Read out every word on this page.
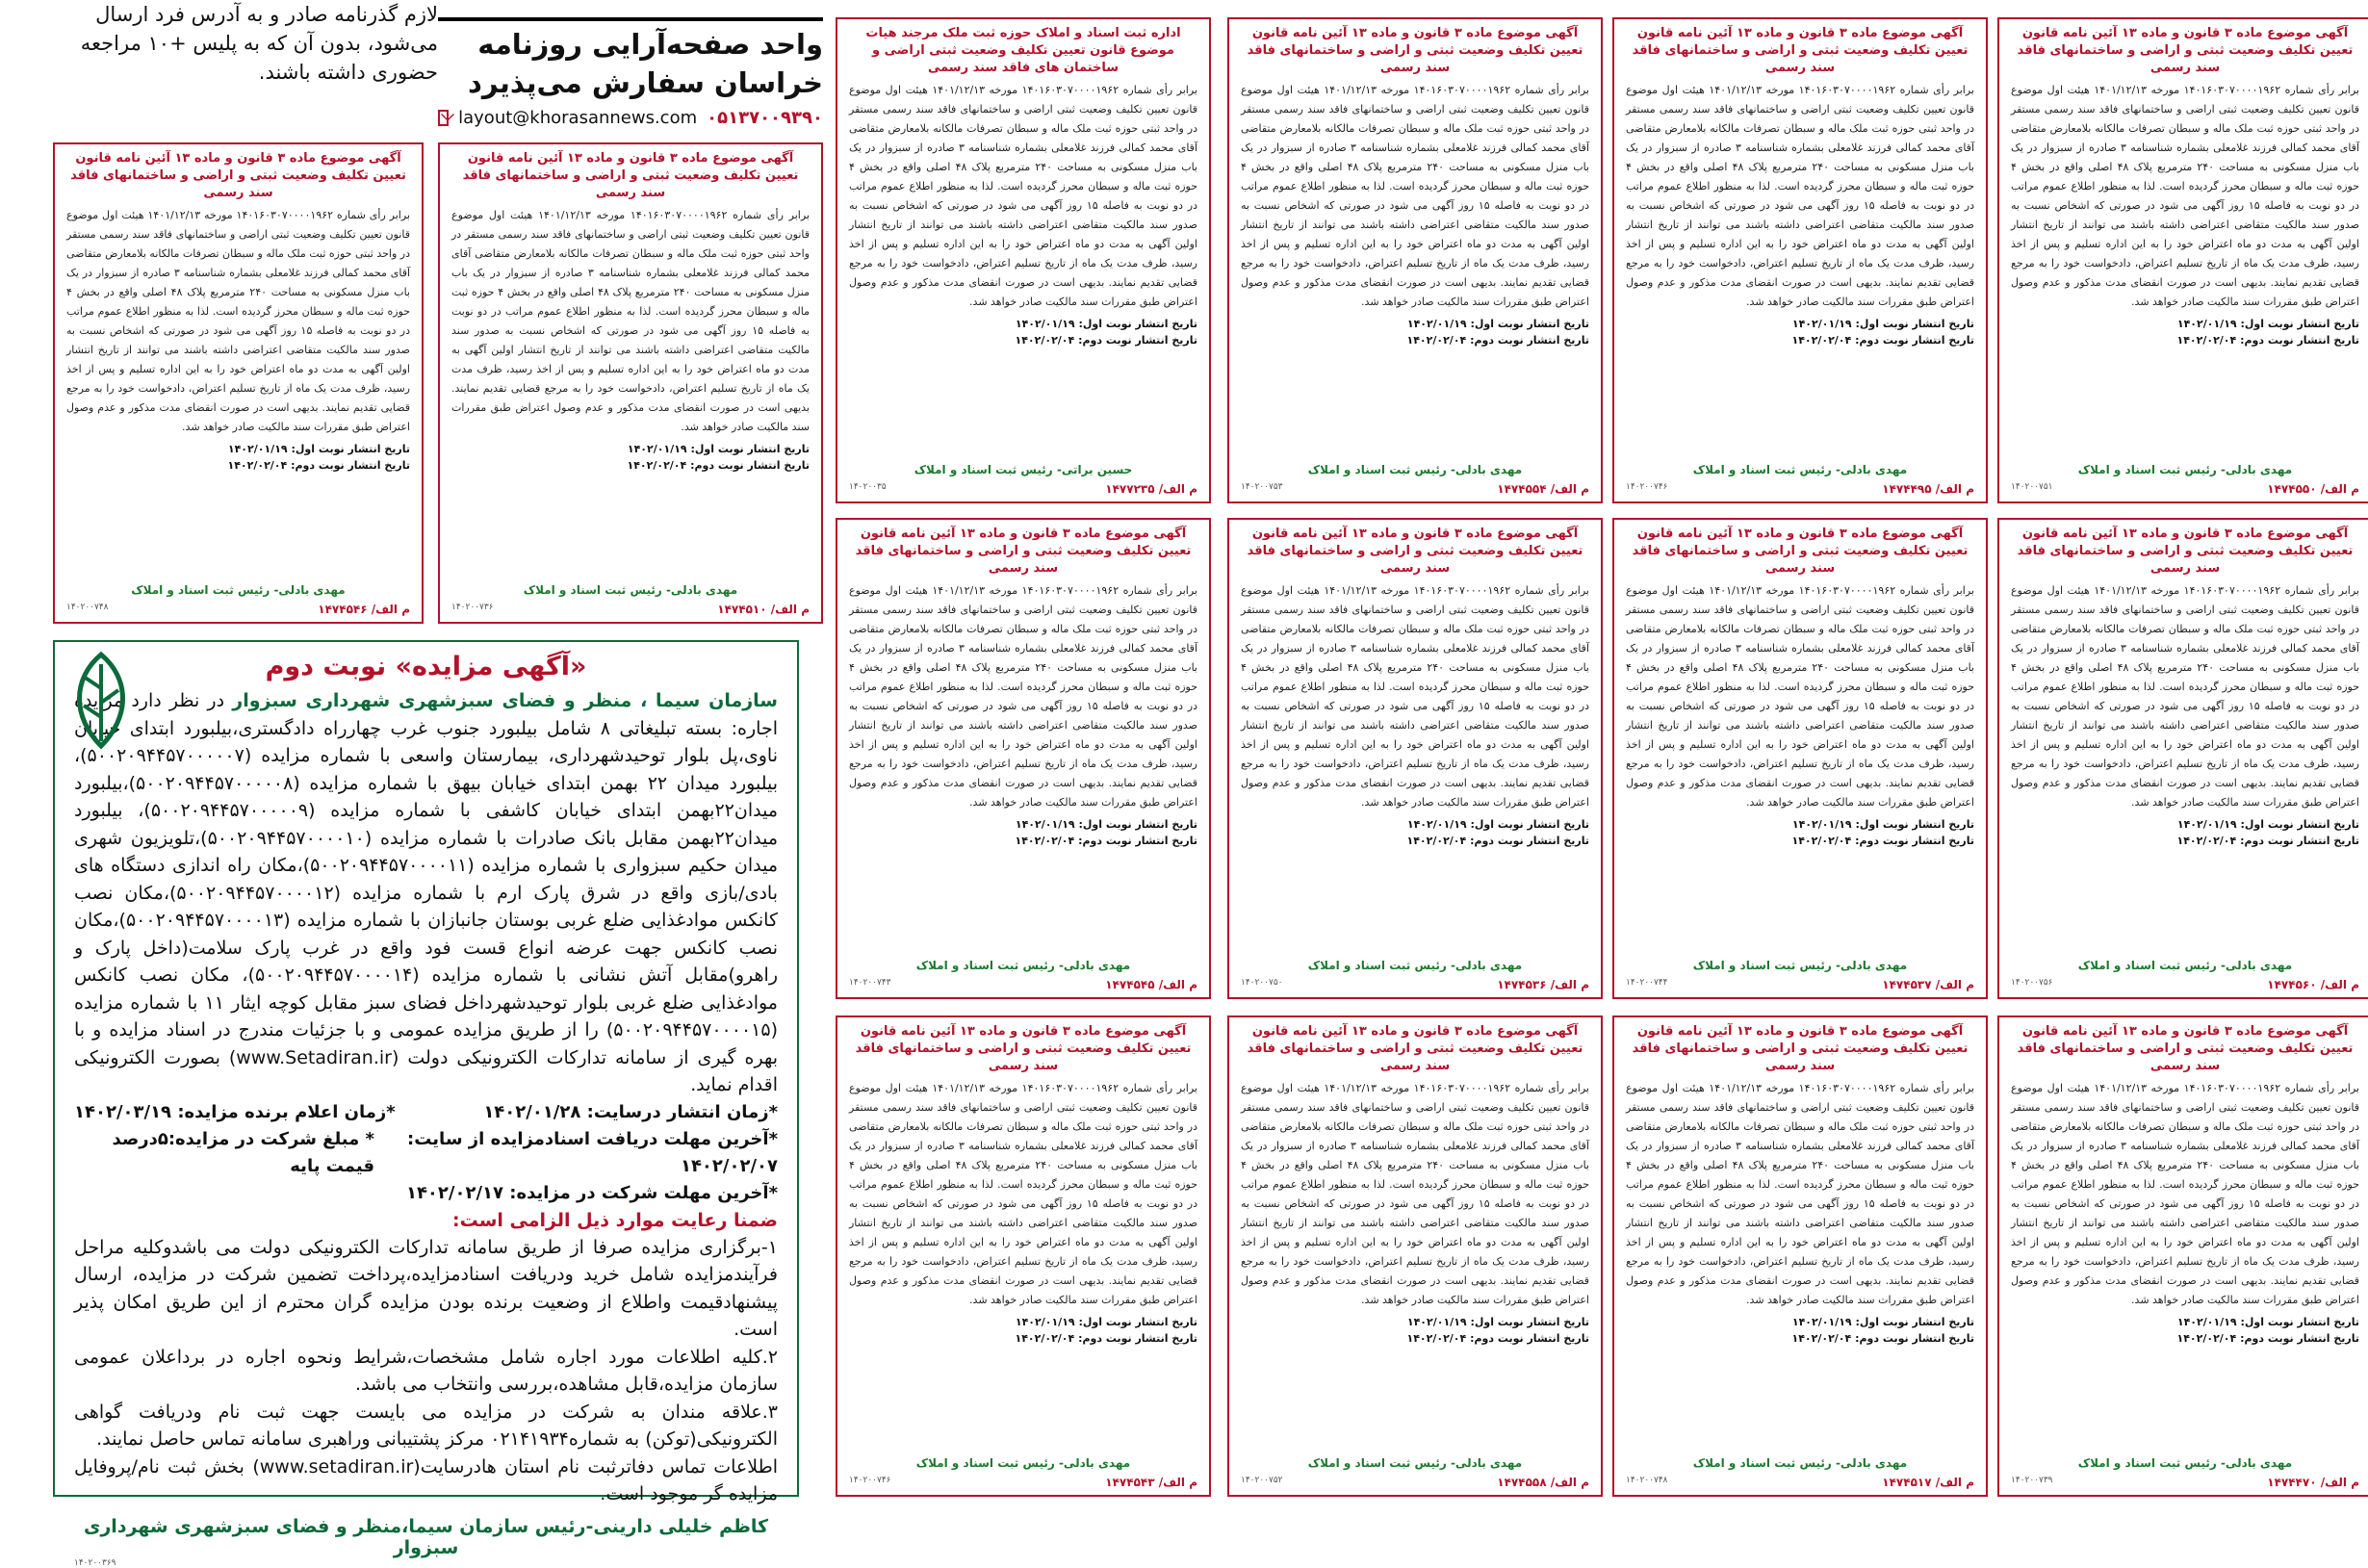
لازم گذرنامه صادر و به آدرس فرد ارسال می‌شود، بدون آن که به پلیس +۱۰ مراجعه حضوری داشته باشند.
واحد صفحه‌آرایی روزنامه خراسان سفارش می‌پذیرد
layout@khorasannews.com ۰۵۱۳۷۰۰۹۳۹۰
آگهی موضوع ماده ۳ قانون و ماده ۱۳ آئین نامه قانون تعیین تکلیف وضعیت ثبتی و اراضی و ساختمانهای فاقد سند رسمی
برابر رأی شماره ۱۴۰۱۶۰۳۰۷۰۰۰۰۱۹۶۲ مورخه ۱۴۰۱/۱۲/۱۳ هیئت اول موضوع قانون تعیین تکلیف وضعیت ثبتی اراضی و ساختمانهای فاقد سند رسمی مستقر در واحد ثبتی حوزه ثبت ملک ماله و سبطان تصرفات مالکانه بلامعارض متقاضی آقای محمد کمالی فرزند غلامعلی بشماره شناسنامه ۳ صادره از سبزوار در یک باب منزل مسکونی به مساحت ۲۴۰ مترمربع پلاک ۴۸ اصلی واقع در بخش ۴ حوزه ثبت ماله و سبطان محرز گردیده است. لذا به منظور اطلاع عموم مراتب در دو نوبت به فاصله ۱۵ روز آگهی می شود در صورتی که اشخاص نسبت به صدور سند مالکیت متقاضی اعتراضی داشته باشند می توانند از تاریخ انتشار اولین آگهی به مدت دو ماه اعتراض خود را به این اداره تسلیم و پس از اخذ رسید، ظرف مدت یک ماه از تاریخ تسلیم اعتراض، دادخواست خود را به مرجع قضایی تقدیم نمایند. بدیهی است در صورت انقضای مدت مذکور و عدم وصول اعتراض طبق مقررات سند مالکیت صادر خواهد شد.
تاریخ انتشار نوبت اول: ۱۴۰۲/۰۱/۱۹
تاریخ انتشار نوبت دوم: ۱۴۰۲/۰۲/۰۴
مهدی بادلی- رئیس ثبت اسناد و املاک
م الف/ ۱۴۷۴۵۵۰
۱۴۰۲۰۰۷۵۱
آگهی موضوع ماده ۳ قانون و ماده ۱۳ آئین نامه قانون تعیین تکلیف وضعیت ثبتی و اراضی و ساختمانهای فاقد سند رسمی
برابر رأی شماره ۱۴۰۱۶۰۳۰۷۰۰۰۰۱۹۶۲ مورخه ۱۴۰۱/۱۲/۱۳ هیئت اول موضوع قانون تعیین تکلیف وضعیت ثبتی اراضی و ساختمانهای فاقد سند رسمی مستقر در واحد ثبتی حوزه ثبت ملک ماله و سبطان تصرفات مالکانه بلامعارض متقاضی آقای محمد کمالی فرزند غلامعلی بشماره شناسنامه ۳ صادره از سبزوار در یک باب منزل مسکونی به مساحت ۲۴۰ مترمربع پلاک ۴۸ اصلی واقع در بخش ۴ حوزه ثبت ماله و سبطان محرز گردیده است. لذا به منظور اطلاع عموم مراتب در دو نوبت به فاصله ۱۵ روز آگهی می شود در صورتی که اشخاص نسبت به صدور سند مالکیت متقاضی اعتراضی داشته باشند می توانند از تاریخ انتشار اولین آگهی به مدت دو ماه اعتراض خود را به این اداره تسلیم و پس از اخذ رسید، ظرف مدت یک ماه از تاریخ تسلیم اعتراض، دادخواست خود را به مرجع قضایی تقدیم نمایند. بدیهی است در صورت انقضای مدت مذکور و عدم وصول اعتراض طبق مقررات سند مالکیت صادر خواهد شد.
تاریخ انتشار نوبت اول: ۱۴۰۲/۰۱/۱۹
تاریخ انتشار نوبت دوم: ۱۴۰۲/۰۲/۰۴
مهدی بادلی- رئیس ثبت اسناد و املاک
م الف/ ۱۴۷۴۴۹۵
۱۴۰۲۰۰۷۴۶
آگهی موضوع ماده ۳ قانون و ماده ۱۳ آئین نامه قانون تعیین تکلیف وضعیت ثبتی و اراضی و ساختمانهای فاقد سند رسمی
برابر رأی شماره ۱۴۰۱۶۰۳۰۷۰۰۰۰۱۹۶۲ مورخه ۱۴۰۱/۱۲/۱۳ هیئت اول موضوع قانون تعیین تکلیف وضعیت ثبتی اراضی و ساختمانهای فاقد سند رسمی مستقر در واحد ثبتی حوزه ثبت ملک ماله و سبطان تصرفات مالکانه بلامعارض متقاضی آقای محمد کمالی فرزند غلامعلی بشماره شناسنامه ۳ صادره از سبزوار در یک باب منزل مسکونی به مساحت ۲۴۰ مترمربع پلاک ۴۸ اصلی واقع در بخش ۴ حوزه ثبت ماله و سبطان محرز گردیده است. لذا به منظور اطلاع عموم مراتب در دو نوبت به فاصله ۱۵ روز آگهی می شود در صورتی که اشخاص نسبت به صدور سند مالکیت متقاضی اعتراضی داشته باشند می توانند از تاریخ انتشار اولین آگهی به مدت دو ماه اعتراض خود را به این اداره تسلیم و پس از اخذ رسید، ظرف مدت یک ماه از تاریخ تسلیم اعتراض، دادخواست خود را به مرجع قضایی تقدیم نمایند. بدیهی است در صورت انقضای مدت مذکور و عدم وصول اعتراض طبق مقررات سند مالکیت صادر خواهد شد.
تاریخ انتشار نوبت اول: ۱۴۰۲/۰۱/۱۹
تاریخ انتشار نوبت دوم: ۱۴۰۲/۰۲/۰۴
مهدی بادلی- رئیس ثبت اسناد و املاک
م الف/ ۱۴۷۴۵۵۴
۱۴۰۲۰۰۷۵۳
اداره ثبت اسناد و املاک حوزه ثبت ملک مرجند هیات موضوع قانون تعیین تکلیف وضعیت ثبتی اراضی و ساختمان های فاقد سند رسمی
برابر رأی شماره ۱۴۰۱۶۰۳۰۷۰۰۰۰۱۹۶۲ مورخه ۱۴۰۱/۱۲/۱۳ هیئت اول موضوع قانون تعیین تکلیف وضعیت ثبتی اراضی و ساختمانهای فاقد سند رسمی مستقر در واحد ثبتی حوزه ثبت ملک ماله و سبطان تصرفات مالکانه بلامعارض متقاضی آقای محمد کمالی فرزند غلامعلی بشماره شناسنامه ۳ صادره از سبزوار در یک باب منزل مسکونی به مساحت ۲۴۰ مترمربع پلاک ۴۸ اصلی واقع در بخش ۴ حوزه ثبت ماله و سبطان محرز گردیده است. لذا به منظور اطلاع عموم مراتب در دو نوبت به فاصله ۱۵ روز آگهی می شود در صورتی که اشخاص نسبت به صدور سند مالکیت متقاضی اعتراضی داشته باشند می توانند از تاریخ انتشار اولین آگهی به مدت دو ماه اعتراض خود را به این اداره تسلیم و پس از اخذ رسید، ظرف مدت یک ماه از تاریخ تسلیم اعتراض، دادخواست خود را به مرجع قضایی تقدیم نمایند. بدیهی است در صورت انقضای مدت مذکور و عدم وصول اعتراض طبق مقررات سند مالکیت صادر خواهد شد.
تاریخ انتشار نوبت اول: ۱۴۰۲/۰۱/۱۹
تاریخ انتشار نوبت دوم: ۱۴۰۲/۰۲/۰۴
حسین براتی- رئیس ثبت اسناد و املاک
م الف/ ۱۴۷۷۲۳۵
۱۴۰۲۰۰۳۵
آگهی موضوع ماده ۳ قانون و ماده ۱۳ آئین نامه قانون تعیین تکلیف وضعیت ثبتی و اراضی و ساختمانهای فاقد سند رسمی
برابر رأی شماره ۱۴۰۱۶۰۳۰۷۰۰۰۰۱۹۶۲ مورخه ۱۴۰۱/۱۲/۱۳ هیئت اول موضوع قانون تعیین تکلیف وضعیت ثبتی اراضی و ساختمانهای فاقد سند رسمی مستقر در واحد ثبتی حوزه ثبت ملک ماله و سبطان تصرفات مالکانه بلامعارض متقاضی آقای محمد کمالی فرزند غلامعلی بشماره شناسنامه ۳ صادره از سبزوار در یک باب منزل مسکونی به مساحت ۲۴۰ مترمربع پلاک ۴۸ اصلی واقع در بخش ۴ حوزه ثبت ماله و سبطان محرز گردیده است. لذا به منظور اطلاع عموم مراتب در دو نوبت به فاصله ۱۵ روز آگهی می شود در صورتی که اشخاص نسبت به صدور سند مالکیت متقاضی اعتراضی داشته باشند می توانند از تاریخ انتشار اولین آگهی به مدت دو ماه اعتراض خود را به این اداره تسلیم و پس از اخذ رسید، ظرف مدت یک ماه از تاریخ تسلیم اعتراض، دادخواست خود را به مرجع قضایی تقدیم نمایند. بدیهی است در صورت انقضای مدت مذکور و عدم وصول اعتراض طبق مقررات سند مالکیت صادر خواهد شد.
تاریخ انتشار نوبت اول: ۱۴۰۲/۰۱/۱۹
تاریخ انتشار نوبت دوم: ۱۴۰۲/۰۲/۰۴
مهدی بادلی- رئیس ثبت اسناد و املاک
م الف/ ۱۴۷۴۵۶۰
۱۴۰۲۰۰۷۵۶
آگهی موضوع ماده ۳ قانون و ماده ۱۳ آئین نامه قانون تعیین تکلیف وضعیت ثبتی و اراضی و ساختمانهای فاقد سند رسمی
برابر رأی شماره ۱۴۰۱۶۰۳۰۷۰۰۰۰۱۹۶۲ مورخه ۱۴۰۱/۱۲/۱۳ هیئت اول موضوع قانون تعیین تکلیف وضعیت ثبتی اراضی و ساختمانهای فاقد سند رسمی مستقر در واحد ثبتی حوزه ثبت ملک ماله و سبطان تصرفات مالکانه بلامعارض متقاضی آقای محمد کمالی فرزند غلامعلی بشماره شناسنامه ۳ صادره از سبزوار در یک باب منزل مسکونی به مساحت ۲۴۰ مترمربع پلاک ۴۸ اصلی واقع در بخش ۴ حوزه ثبت ماله و سبطان محرز گردیده است. لذا به منظور اطلاع عموم مراتب در دو نوبت به فاصله ۱۵ روز آگهی می شود در صورتی که اشخاص نسبت به صدور سند مالکیت متقاضی اعتراضی داشته باشند می توانند از تاریخ انتشار اولین آگهی به مدت دو ماه اعتراض خود را به این اداره تسلیم و پس از اخذ رسید، ظرف مدت یک ماه از تاریخ تسلیم اعتراض، دادخواست خود را به مرجع قضایی تقدیم نمایند. بدیهی است در صورت انقضای مدت مذکور و عدم وصول اعتراض طبق مقررات سند مالکیت صادر خواهد شد.
تاریخ انتشار نوبت اول: ۱۴۰۲/۰۱/۱۹
تاریخ انتشار نوبت دوم: ۱۴۰۲/۰۲/۰۴
مهدی بادلی- رئیس ثبت اسناد و املاک
م الف/ ۱۴۷۴۵۳۷
۱۴۰۲۰۰۷۴۴
آگهی موضوع ماده ۳ قانون و ماده ۱۳ آئین نامه قانون تعیین تکلیف وضعیت ثبتی و اراضی و ساختمانهای فاقد سند رسمی
برابر رأی شماره ۱۴۰۱۶۰۳۰۷۰۰۰۰۱۹۶۲ مورخه ۱۴۰۱/۱۲/۱۳ هیئت اول موضوع قانون تعیین تکلیف وضعیت ثبتی اراضی و ساختمانهای فاقد سند رسمی مستقر در واحد ثبتی حوزه ثبت ملک ماله و سبطان تصرفات مالکانه بلامعارض متقاضی آقای محمد کمالی فرزند غلامعلی بشماره شناسنامه ۳ صادره از سبزوار در یک باب منزل مسکونی به مساحت ۲۴۰ مترمربع پلاک ۴۸ اصلی واقع در بخش ۴ حوزه ثبت ماله و سبطان محرز گردیده است. لذا به منظور اطلاع عموم مراتب در دو نوبت به فاصله ۱۵ روز آگهی می شود در صورتی که اشخاص نسبت به صدور سند مالکیت متقاضی اعتراضی داشته باشند می توانند از تاریخ انتشار اولین آگهی به مدت دو ماه اعتراض خود را به این اداره تسلیم و پس از اخذ رسید، ظرف مدت یک ماه از تاریخ تسلیم اعتراض، دادخواست خود را به مرجع قضایی تقدیم نمایند. بدیهی است در صورت انقضای مدت مذکور و عدم وصول اعتراض طبق مقررات سند مالکیت صادر خواهد شد.
تاریخ انتشار نوبت اول: ۱۴۰۲/۰۱/۱۹
تاریخ انتشار نوبت دوم: ۱۴۰۲/۰۲/۰۴
مهدی بادلی- رئیس ثبت اسناد و املاک
م الف/ ۱۴۷۴۵۳۶
۱۴۰۲۰۰۷۵۰
آگهی موضوع ماده ۳ قانون و ماده ۱۳ آئین نامه قانون تعیین تکلیف وضعیت ثبتی و اراضی و ساختمانهای فاقد سند رسمی
برابر رأی شماره ۱۴۰۱۶۰۳۰۷۰۰۰۰۱۹۶۲ مورخه ۱۴۰۱/۱۲/۱۳ هیئت اول موضوع قانون تعیین تکلیف وضعیت ثبتی اراضی و ساختمانهای فاقد سند رسمی مستقر در واحد ثبتی حوزه ثبت ملک ماله و سبطان تصرفات مالکانه بلامعارض متقاضی آقای محمد کمالی فرزند غلامعلی بشماره شناسنامه ۳ صادره از سبزوار در یک باب منزل مسکونی به مساحت ۲۴۰ مترمربع پلاک ۴۸ اصلی واقع در بخش ۴ حوزه ثبت ماله و سبطان محرز گردیده است. لذا به منظور اطلاع عموم مراتب در دو نوبت به فاصله ۱۵ روز آگهی می شود در صورتی که اشخاص نسبت به صدور سند مالکیت متقاضی اعتراضی داشته باشند می توانند از تاریخ انتشار اولین آگهی به مدت دو ماه اعتراض خود را به این اداره تسلیم و پس از اخذ رسید، ظرف مدت یک ماه از تاریخ تسلیم اعتراض، دادخواست خود را به مرجع قضایی تقدیم نمایند. بدیهی است در صورت انقضای مدت مذکور و عدم وصول اعتراض طبق مقررات سند مالکیت صادر خواهد شد.
تاریخ انتشار نوبت اول: ۱۴۰۲/۰۱/۱۹
تاریخ انتشار نوبت دوم: ۱۴۰۲/۰۲/۰۴
مهدی بادلی- رئیس ثبت اسناد و املاک
م الف/ ۱۴۷۴۵۴۵
۱۴۰۲۰۰۷۴۳
آگهی موضوع ماده ۳ قانون و ماده ۱۳ آئین نامه قانون تعیین تکلیف وضعیت ثبتی و اراضی و ساختمانهای فاقد سند رسمی
برابر رأی شماره ۱۴۰۱۶۰۳۰۷۰۰۰۰۱۹۶۲ مورخه ۱۴۰۱/۱۲/۱۳ هیئت اول موضوع قانون تعیین تکلیف وضعیت ثبتی اراضی و ساختمانهای فاقد سند رسمی مستقر در واحد ثبتی حوزه ثبت ملک ماله و سبطان تصرفات مالکانه بلامعارض متقاضی آقای محمد کمالی فرزند غلامعلی بشماره شناسنامه ۳ صادره از سبزوار در یک باب منزل مسکونی به مساحت ۲۴۰ مترمربع پلاک ۴۸ اصلی واقع در بخش ۴ حوزه ثبت ماله و سبطان محرز گردیده است. لذا به منظور اطلاع عموم مراتب در دو نوبت به فاصله ۱۵ روز آگهی می شود در صورتی که اشخاص نسبت به صدور سند مالکیت متقاضی اعتراضی داشته باشند می توانند از تاریخ انتشار اولین آگهی به مدت دو ماه اعتراض خود را به این اداره تسلیم و پس از اخذ رسید، ظرف مدت یک ماه از تاریخ تسلیم اعتراض، دادخواست خود را به مرجع قضایی تقدیم نمایند. بدیهی است در صورت انقضای مدت مذکور و عدم وصول اعتراض طبق مقررات سند مالکیت صادر خواهد شد.
تاریخ انتشار نوبت اول: ۱۴۰۲/۰۱/۱۹
تاریخ انتشار نوبت دوم: ۱۴۰۲/۰۲/۰۴
مهدی بادلی- رئیس ثبت اسناد و املاک
م الف/ ۱۴۷۴۴۷۰
۱۴۰۲۰۰۷۳۹
آگهی موضوع ماده ۳ قانون و ماده ۱۳ آئین نامه قانون تعیین تکلیف وضعیت ثبتی و اراضی و ساختمانهای فاقد سند رسمی
برابر رأی شماره ۱۴۰۱۶۰۳۰۷۰۰۰۰۱۹۶۲ مورخه ۱۴۰۱/۱۲/۱۳ هیئت اول موضوع قانون تعیین تکلیف وضعیت ثبتی اراضی و ساختمانهای فاقد سند رسمی مستقر در واحد ثبتی حوزه ثبت ملک ماله و سبطان تصرفات مالکانه بلامعارض متقاضی آقای محمد کمالی فرزند غلامعلی بشماره شناسنامه ۳ صادره از سبزوار در یک باب منزل مسکونی به مساحت ۲۴۰ مترمربع پلاک ۴۸ اصلی واقع در بخش ۴ حوزه ثبت ماله و سبطان محرز گردیده است. لذا به منظور اطلاع عموم مراتب در دو نوبت به فاصله ۱۵ روز آگهی می شود در صورتی که اشخاص نسبت به صدور سند مالکیت متقاضی اعتراضی داشته باشند می توانند از تاریخ انتشار اولین آگهی به مدت دو ماه اعتراض خود را به این اداره تسلیم و پس از اخذ رسید، ظرف مدت یک ماه از تاریخ تسلیم اعتراض، دادخواست خود را به مرجع قضایی تقدیم نمایند. بدیهی است در صورت انقضای مدت مذکور و عدم وصول اعتراض طبق مقررات سند مالکیت صادر خواهد شد.
تاریخ انتشار نوبت اول: ۱۴۰۲/۰۱/۱۹
تاریخ انتشار نوبت دوم: ۱۴۰۲/۰۲/۰۴
مهدی بادلی- رئیس ثبت اسناد و املاک
م الف/ ۱۴۷۴۵۱۷
۱۴۰۲۰۰۷۴۸
آگهی موضوع ماده ۳ قانون و ماده ۱۳ آئین نامه قانون تعیین تکلیف وضعیت ثبتی و اراضی و ساختمانهای فاقد سند رسمی
برابر رأی شماره ۱۴۰۱۶۰۳۰۷۰۰۰۰۱۹۶۲ مورخه ۱۴۰۱/۱۲/۱۳ هیئت اول موضوع قانون تعیین تکلیف وضعیت ثبتی اراضی و ساختمانهای فاقد سند رسمی مستقر در واحد ثبتی حوزه ثبت ملک ماله و سبطان تصرفات مالکانه بلامعارض متقاضی آقای محمد کمالی فرزند غلامعلی بشماره شناسنامه ۳ صادره از سبزوار در یک باب منزل مسکونی به مساحت ۲۴۰ مترمربع پلاک ۴۸ اصلی واقع در بخش ۴ حوزه ثبت ماله و سبطان محرز گردیده است. لذا به منظور اطلاع عموم مراتب در دو نوبت به فاصله ۱۵ روز آگهی می شود در صورتی که اشخاص نسبت به صدور سند مالکیت متقاضی اعتراضی داشته باشند می توانند از تاریخ انتشار اولین آگهی به مدت دو ماه اعتراض خود را به این اداره تسلیم و پس از اخذ رسید، ظرف مدت یک ماه از تاریخ تسلیم اعتراض، دادخواست خود را به مرجع قضایی تقدیم نمایند. بدیهی است در صورت انقضای مدت مذکور و عدم وصول اعتراض طبق مقررات سند مالکیت صادر خواهد شد.
تاریخ انتشار نوبت اول: ۱۴۰۲/۰۱/۱۹
تاریخ انتشار نوبت دوم: ۱۴۰۲/۰۲/۰۴
مهدی بادلی- رئیس ثبت اسناد و املاک
م الف/ ۱۴۷۴۵۵۸
۱۴۰۲۰۰۷۵۲
آگهی موضوع ماده ۳ قانون و ماده ۱۳ آئین نامه قانون تعیین تکلیف وضعیت ثبتی و اراضی و ساختمانهای فاقد سند رسمی
برابر رأی شماره ۱۴۰۱۶۰۳۰۷۰۰۰۰۱۹۶۲ مورخه ۱۴۰۱/۱۲/۱۳ هیئت اول موضوع قانون تعیین تکلیف وضعیت ثبتی اراضی و ساختمانهای فاقد سند رسمی مستقر در واحد ثبتی حوزه ثبت ملک ماله و سبطان تصرفات مالکانه بلامعارض متقاضی آقای محمد کمالی فرزند غلامعلی بشماره شناسنامه ۳ صادره از سبزوار در یک باب منزل مسکونی به مساحت ۲۴۰ مترمربع پلاک ۴۸ اصلی واقع در بخش ۴ حوزه ثبت ماله و سبطان محرز گردیده است. لذا به منظور اطلاع عموم مراتب در دو نوبت به فاصله ۱۵ روز آگهی می شود در صورتی که اشخاص نسبت به صدور سند مالکیت متقاضی اعتراضی داشته باشند می توانند از تاریخ انتشار اولین آگهی به مدت دو ماه اعتراض خود را به این اداره تسلیم و پس از اخذ رسید، ظرف مدت یک ماه از تاریخ تسلیم اعتراض، دادخواست خود را به مرجع قضایی تقدیم نمایند. بدیهی است در صورت انقضای مدت مذکور و عدم وصول اعتراض طبق مقررات سند مالکیت صادر خواهد شد.
تاریخ انتشار نوبت اول: ۱۴۰۲/۰۱/۱۹
تاریخ انتشار نوبت دوم: ۱۴۰۲/۰۲/۰۴
مهدی بادلی- رئیس ثبت اسناد و املاک
م الف/ ۱۴۷۴۵۴۳
۱۴۰۲۰۰۷۴۶
آگهی موضوع ماده ۳ قانون و ماده ۱۳ آئین نامه قانون تعیین تکلیف وضعیت ثبتی و اراضی و ساختمانهای فاقد سند رسمی
برابر رأی شماره ۱۴۰۱۶۰۳۰۷۰۰۰۰۱۹۶۲ مورخه ۱۴۰۱/۱۲/۱۳ هیئت اول موضوع قانون تعیین تکلیف وضعیت ثبتی اراضی و ساختمانهای فاقد سند رسمی مستقر در واحد ثبتی حوزه ثبت ملک ماله و سبطان تصرفات مالکانه بلامعارض متقاضی آقای محمد کمالی فرزند غلامعلی بشماره شناسنامه ۳ صادره از سبزوار در یک باب منزل مسکونی به مساحت ۲۴۰ مترمربع پلاک ۴۸ اصلی واقع در بخش ۴ حوزه ثبت ماله و سبطان محرز گردیده است. لذا به منظور اطلاع عموم مراتب در دو نوبت به فاصله ۱۵ روز آگهی می شود در صورتی که اشخاص نسبت به صدور سند مالکیت متقاضی اعتراضی داشته باشند می توانند از تاریخ انتشار اولین آگهی به مدت دو ماه اعتراض خود را به این اداره تسلیم و پس از اخذ رسید، ظرف مدت یک ماه از تاریخ تسلیم اعتراض، دادخواست خود را به مرجع قضایی تقدیم نمایند. بدیهی است در صورت انقضای مدت مذکور و عدم وصول اعتراض طبق مقررات سند مالکیت صادر خواهد شد.
تاریخ انتشار نوبت اول: ۱۴۰۲/۰۱/۱۹
تاریخ انتشار نوبت دوم: ۱۴۰۲/۰۲/۰۴
مهدی بادلی- رئیس ثبت اسناد و املاک
م الف/ ۱۴۷۴۵۱۰
۱۴۰۲۰۰۷۳۶
آگهی موضوع ماده ۳ قانون و ماده ۱۳ آئین نامه قانون تعیین تکلیف وضعیت ثبتی و اراضی و ساختمانهای فاقد سند رسمی
برابر رأی شماره ۱۴۰۱۶۰۳۰۷۰۰۰۰۱۹۶۲ مورخه ۱۴۰۱/۱۲/۱۳ هیئت اول موضوع قانون تعیین تکلیف وضعیت ثبتی اراضی و ساختمانهای فاقد سند رسمی مستقر در واحد ثبتی حوزه ثبت ملک ماله و سبطان تصرفات مالکانه بلامعارض متقاضی آقای محمد کمالی فرزند غلامعلی بشماره شناسنامه ۳ صادره از سبزوار در یک باب منزل مسکونی به مساحت ۲۴۰ مترمربع پلاک ۴۸ اصلی واقع در بخش ۴ حوزه ثبت ماله و سبطان محرز گردیده است. لذا به منظور اطلاع عموم مراتب در دو نوبت به فاصله ۱۵ روز آگهی می شود در صورتی که اشخاص نسبت به صدور سند مالکیت متقاضی اعتراضی داشته باشند می توانند از تاریخ انتشار اولین آگهی به مدت دو ماه اعتراض خود را به این اداره تسلیم و پس از اخذ رسید، ظرف مدت یک ماه از تاریخ تسلیم اعتراض، دادخواست خود را به مرجع قضایی تقدیم نمایند. بدیهی است در صورت انقضای مدت مذکور و عدم وصول اعتراض طبق مقررات سند مالکیت صادر خواهد شد.
تاریخ انتشار نوبت اول: ۱۴۰۲/۰۱/۱۹
تاریخ انتشار نوبت دوم: ۱۴۰۲/۰۲/۰۴
مهدی بادلی- رئیس ثبت اسناد و املاک
م الف/ ۱۴۷۴۵۴۶
۱۴۰۲۰۰۷۴۸
«آگهی مزایده» نوبت دوم
سازمان سیما ، منظر و فضای سبزشهری شهرداری سبزوار در نظر دارد مزایده اجاره: بسته تبلیغاتی ۸ شامل بیلبورد جنوب غرب چهارراه دادگستری،بیلبورد ابتدای خیابان ناوی،پل بلوار توحیدشهرداری، بیمارستان واسعی با شماره مزایده (۵۰۰۲۰۹۴۴۵۷۰۰۰۰۰۷)، بیلبورد میدان ۲۲ بهمن ابتدای خیابان بیهق با شماره مزایده (۵۰۰۲۰۹۴۴۵۷۰۰۰۰۰۸)،بیلبورد میدان۲۲بهمن ابتدای خیابان کاشفی با شماره مزایده (۵۰۰۲۰۹۴۴۵۷۰۰۰۰۰۹)، بیلبورد میدان۲۲بهمن مقابل بانک صادرات با شماره مزایده (۵۰۰۲۰۹۴۴۵۷۰۰۰۰۱۰)،تلویزیون شهری میدان حکیم سبزواری با شماره مزایده (۵۰۰۲۰۹۴۴۵۷۰۰۰۰۱۱)،مکان راه اندازی دستگاه های بادی/بازی واقع در شرق پارک ارم با شماره مزایده (۵۰۰۲۰۹۴۴۵۷۰۰۰۰۱۲)،مکان نصب کانکس موادغذایی ضلع غربی بوستان جانبازان با شماره مزایده (۵۰۰۲۰۹۴۴۵۷۰۰۰۰۱۳)،مکان نصب کانکس جهت عرضه انواع قست فود واقع در غرب پارک سلامت(داخل پارک و راهرو)مقابل آتش نشانی با شماره مزایده (۵۰۰۲۰۹۴۴۵۷۰۰۰۰۱۴)، مکان نصب کانکس موادغذایی ضلع غربی بلوار توحیدشهرداخل فضای سبز مقابل کوچه ایثار ۱۱ با شماره مزایده (۵۰۰۲۰۹۴۴۵۷۰۰۰۰۱۵) را از طریق مزایده عمومی و با جزئیات مندرج در اسناد مزایده و با بهره گیری از سامانه تدارکات الکترونیکی دولت (www.Setadiran.ir) بصورت الکترونیکی اقدام نماید.
*زمان انتشار درسایت: ۱۴۰۲/۰۱/۲۸
*زمان اعلام برنده مزایده: ۱۴۰۲/۰۳/۱۹
*آخرین مهلت دریافت اسنادمزایده از سایت: ۱۴۰۲/۰۲/۰۷
* مبلغ شرکت در مزایده:۵درصد قیمت پایه
*آخرین مهلت شرکت در مزایده: ۱۴۰۲/۰۲/۱۷
ضمنا رعایت موارد ذیل الزامی است:
۱-برگزاری مزایده صرفا از طریق سامانه تدارکات الکترونیکی دولت می باشدوکلیه مراحل فرآیندمزایده شامل خرید ودریافت اسنادمزایده،پرداخت تضمین شرکت در مزایده، ارسال پیشنهادقیمت واطلاع از وضعیت برنده بودن مزایده گران محترم از این طریق امکان پذیر است.
۲.کلیه اطلاعات مورد اجاره شامل مشخصات،شرایط ونحوه اجاره در برداعلان عمومی سازمان مزایده،قابل مشاهده،بررسی وانتخاب می باشد.
۳.علاقه مندان به شرکت در مزایده می بایست جهت ثبت نام ودریافت گواهی الکترونیکی(توکن) به شماره۰۲۱۴۱۹۳۴ مرکز پشتیبانی وراهبری سامانه تماس حاصل نمایند.
اطلاعات تماس دفاترثبت نام استان هادرسایت(www.setadiran.ir) بخش ثبت نام/پروفایل مزایده گر موجود است.
کاظم خلیلی دارینی-رئیس سازمان سیما،منظر و فضای سبزشهری شهرداری سبزوار
۱۴۰۲۰۰۳۶۹
